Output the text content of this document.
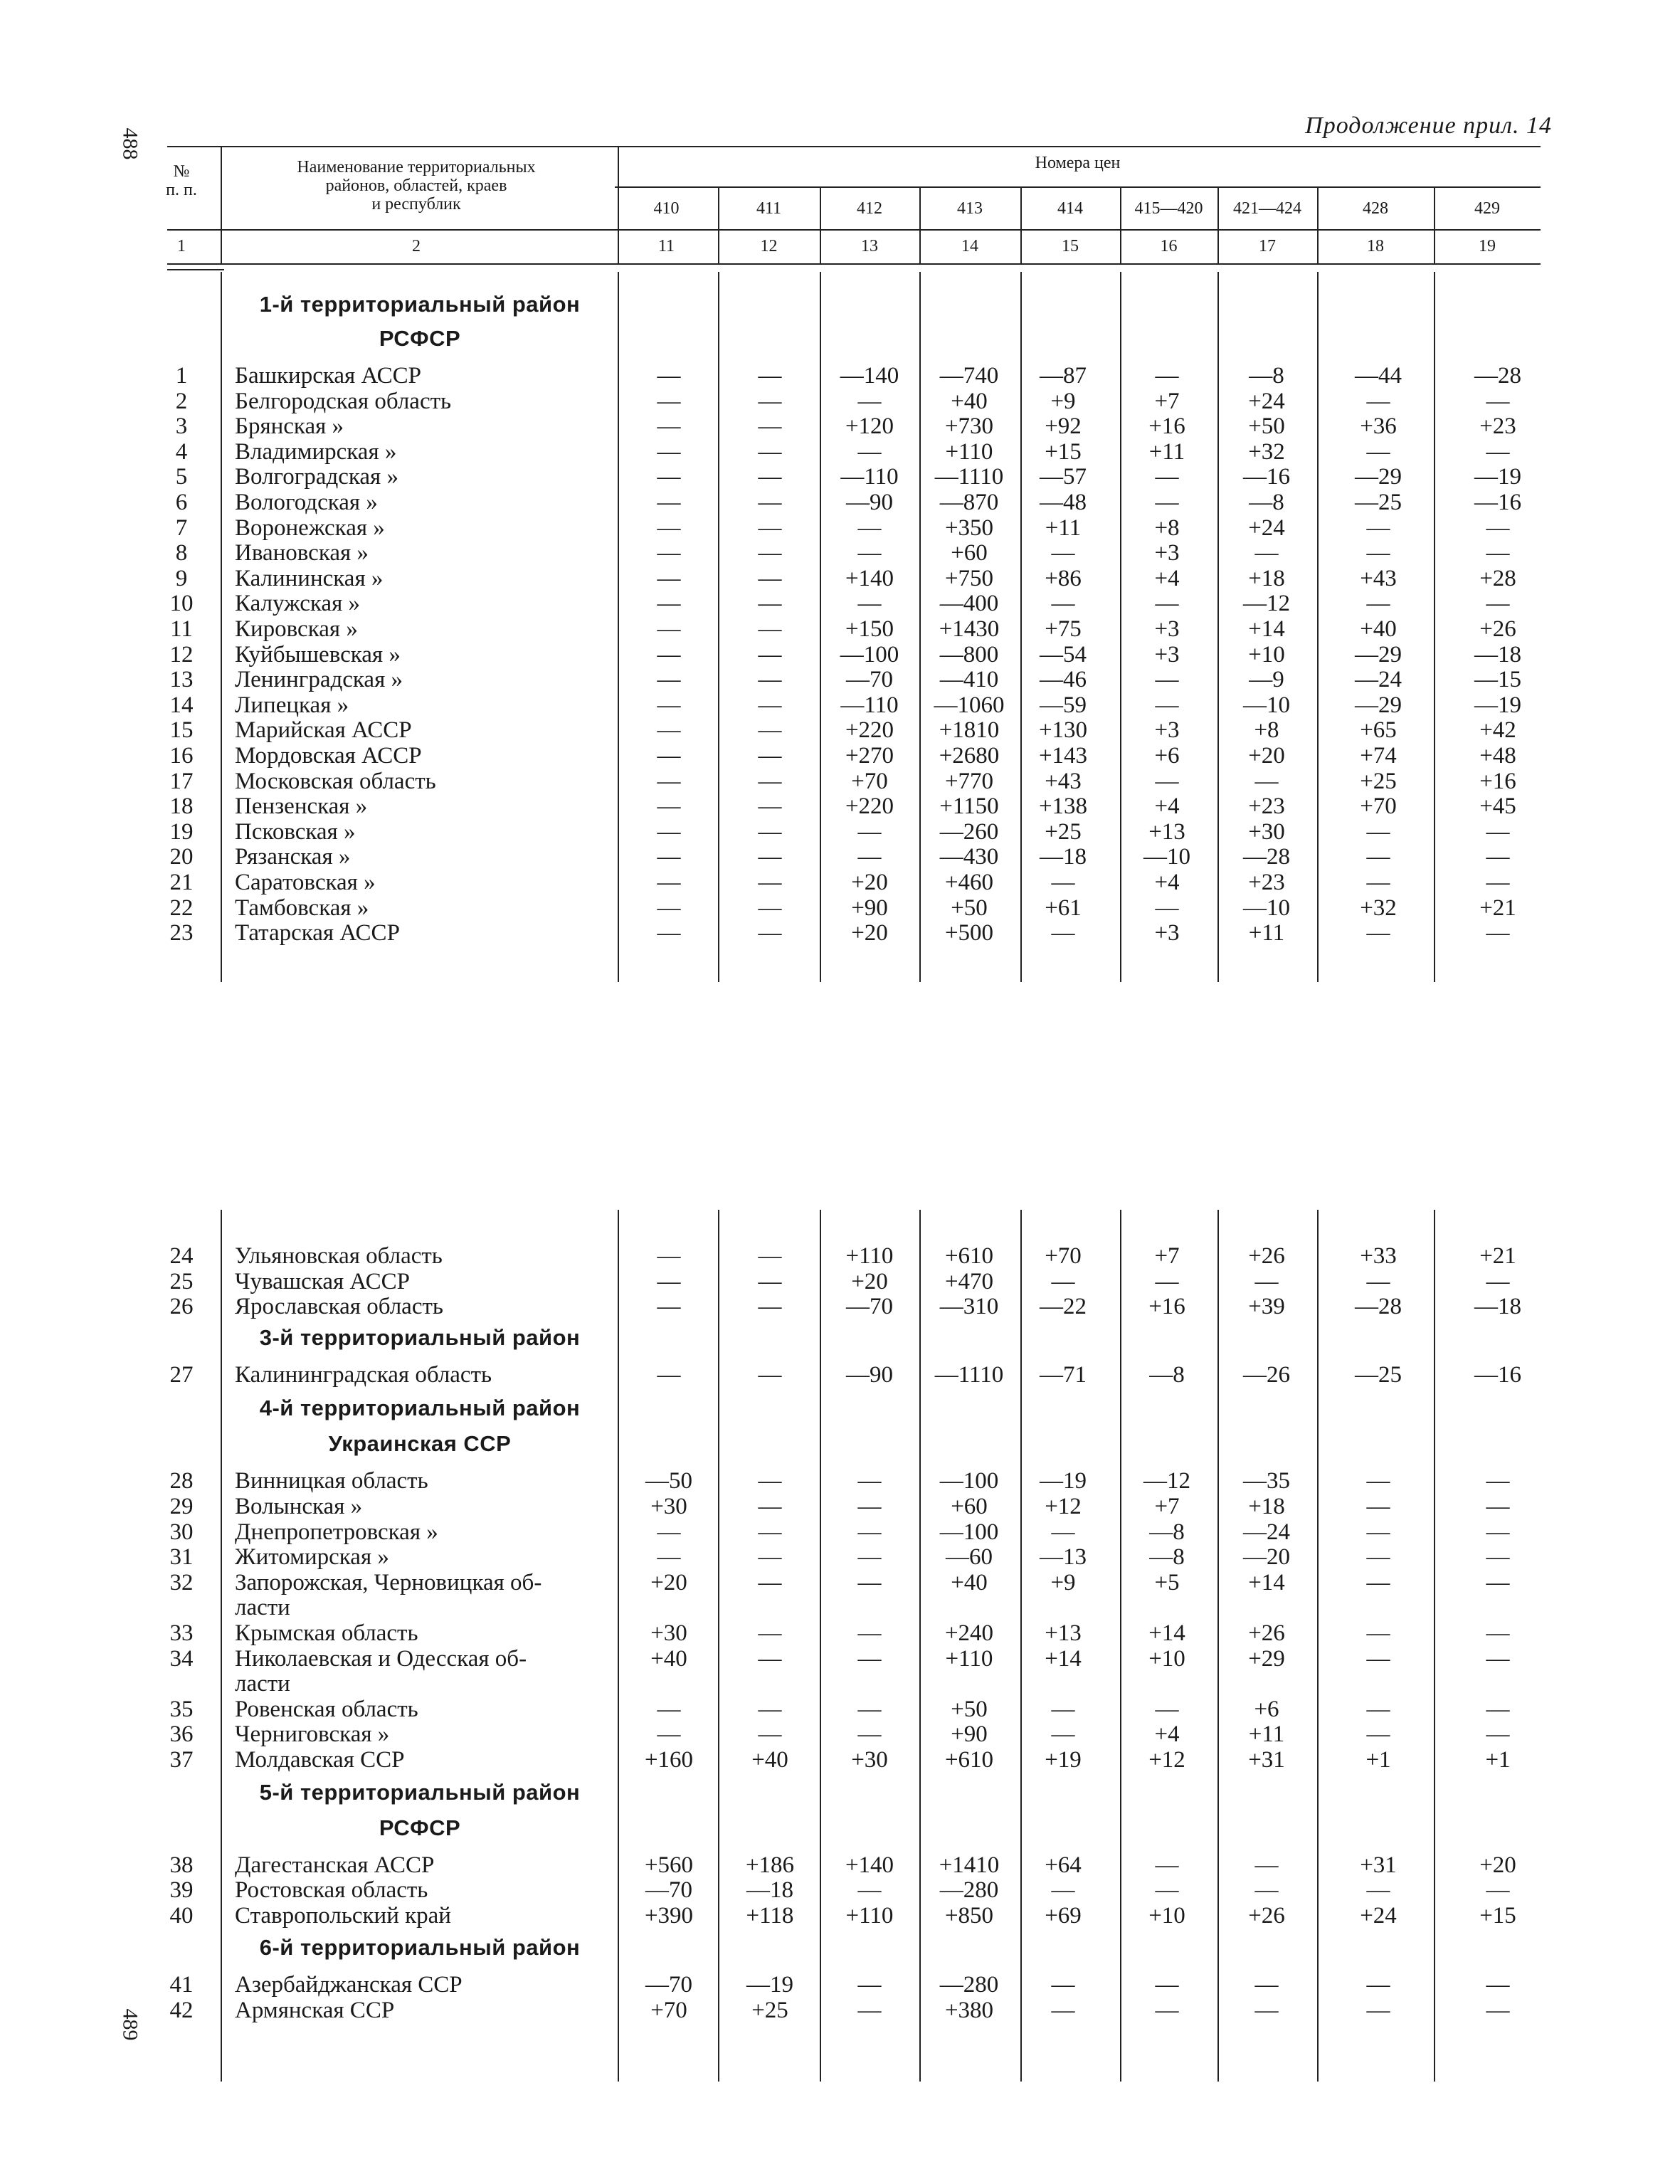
488
489
Продолжение прил. 14
№
п. п.
Наименование территориальных
районов, областей, краев
и республик
Номера цен
410	411	412	413	414	415—420	421—424	428	429
1	2	11	12	13	14	15	16	17	18	19
1-й территориальный район
РСФСР
1	Башкирская АССР	—	—	—140	—740	—87	—	—8	—44	—28
2	Белгородская область	—	—	—	+40	+9	+7	+24	—	—
3	Брянская »	—	—	+120	+730	+92	+16	+50	+36	+23
4	Владимирская »	—	—	—	+110	+15	+11	+32	—	—
5	Волгоградская »	—	—	—110	—1110	—57	—	—16	—29	—19
6	Вологодская »	—	—	—90	—870	—48	—	—8	—25	—16
7	Воронежская »	—	—	—	+350	+11	+8	+24	—	—
8	Ивановская »	—	—	—	+60	—	+3	—	—	—
9	Калининская »	—	—	+140	+750	+86	+4	+18	+43	+28
10	Калужская »	—	—	—	—400	—	—	—12	—	—
11	Кировская »	—	—	+150	+1430	+75	+3	+14	+40	+26
12	Куйбышевская »	—	—	—100	—800	—54	+3	+10	—29	—18
13	Ленинградская »	—	—	—70	—410	—46	—	—9	—24	—15
14	Липецкая »	—	—	—110	—1060	—59	—	—10	—29	—19
15	Марийская АССР	—	—	+220	+1810	+130	+3	+8	+65	+42
16	Мордовская АССР	—	—	+270	+2680	+143	+6	+20	+74	+48
17	Московская область	—	—	+70	+770	+43	—	—	+25	+16
18	Пензенская »	—	—	+220	+1150	+138	+4	+23	+70	+45
19	Псковская »	—	—	—	—260	+25	+13	+30	—	—
20	Рязанская »	—	—	—	—430	—18	—10	—28	—	—
21	Саратовская »	—	—	+20	+460	—	+4	+23	—	—
22	Тамбовская »	—	—	+90	+50	+61	—	—10	+32	+21
23	Татарская АССР	—	—	+20	+500	—	+3	+11	—	—
24	Ульяновская область	—	—	+110	+610	+70	+7	+26	+33	+21
25	Чувашская АССР	—	—	+20	+470	—	—	—	—	—
26	Ярославская область	—	—	—70	—310	—22	+16	+39	—28	—18
3-й территориальный район
27	Калининградская область	—	—	—90	—1110	—71	—8	—26	—25	—16
4-й территориальный район
Украинская ССР
28	Винницкая область	—50	—	—	—100	—19	—12	—35	—	—
29	Волынская »	+30	—	—	+60	+12	+7	+18	—	—
30	Днепропетровская »	—	—	—	—100	—	—8	—24	—	—
31	Житомирская »	—	—	—	—60	—13	—8	—20	—	—
32	Запорожская, Черновицкая об-	+20	—	—	+40	+9	+5	+14	—	—
ласти
33	Крымская область	+30	—	—	+240	+13	+14	+26	—	—
34	Николаевская и Одесская об-	+40	—	—	+110	+14	+10	+29	—	—
ласти
35	Ровенская область	—	—	—	+50	—	—	+6	—	—
36	Черниговская »	—	—	—	+90	—	+4	+11	—	—
37	Молдавская ССР	+160	+40	+30	+610	+19	+12	+31	+1	+1
5-й территориальный район
РСФСР
38	Дагестанская АССР	+560	+186	+140	+1410	+64	—	—	+31	+20
39	Ростовская область	—70	—18	—	—280	—	—	—	—	—
40	Ставропольский край	+390	+118	+110	+850	+69	+10	+26	+24	+15
6-й территориальный район
41	Азербайджанская ССР	—70	—19	—	—280	—	—	—	—	—
42	Армянская ССР	+70	+25	—	+380	—	—	—	—	—
